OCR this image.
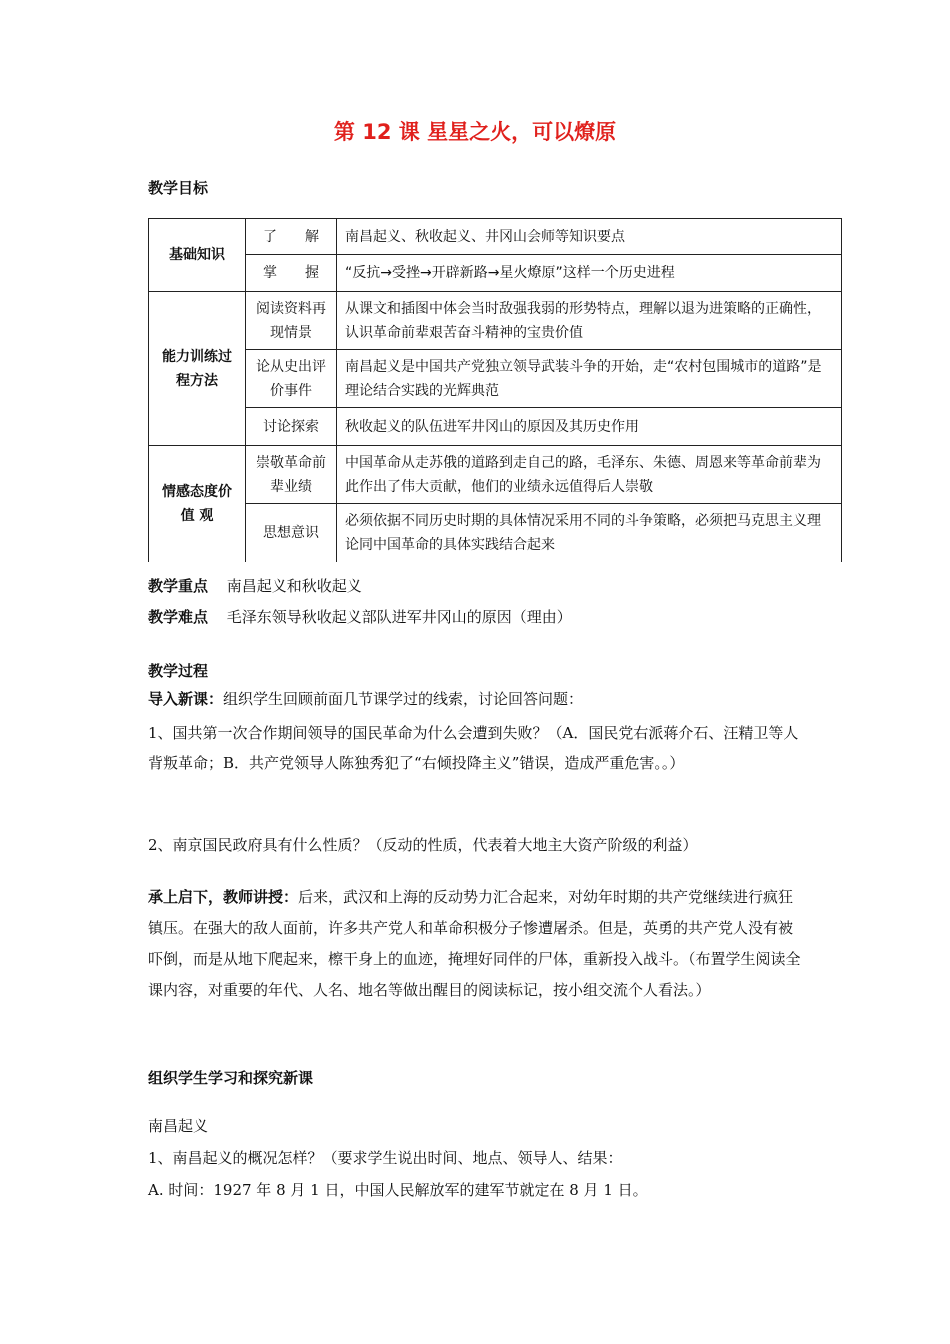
第 12 课 星星之火，可以燎原
教学目标
基础知识	了　　解	南昌起义、秋收起义、井冈山会师等知识要点
	掌　　握	“反抗→受挫→开辟新路→星火燎原”这样一个历史进程
能力训练过程方法	阅读资料再现情景	从课文和插图中体会当时敌强我弱的形势特点，理解以退为进策略的正确性，认识革命前辈艰苦奋斗精神的宝贵价值
	论从史出评价事件	南昌起义是中国共产党独立领导武装斗争的开始，走“农村包围城市的道路”是理论结合实践的光辉典范
	讨论探索	秋收起义的队伍进军井冈山的原因及其历史作用
情感态度价 值 观	崇敬革命前辈业绩	中国革命从走苏俄的道路到走自己的路，毛泽东、朱德、周恩来等革命前辈为此作出了伟大贡献，他们的业绩永远值得后人崇敬
	思想意识	必须依据不同历史时期的具体情况采用不同的斗争策略，必须把马克思主义理论同中国革命的具体实践结合起来
教学重点 南昌起义和秋收起义
教学难点 毛泽东领导秋收起义部队进军井冈山的原因（理由）
教学过程
导入新课：组织学生回顾前面几节课学过的线索，讨论回答问题：
1、国共第一次合作期间领导的国民革命为什么会遭到失败？（A．国民党右派蒋介石、汪精卫等人背叛革命；B．共产党领导人陈独秀犯了“右倾投降主义”错误，造成严重危害。。）
2、南京国民政府具有什么性质？（反动的性质，代表着大地主大资产阶级的利益）
承上启下，教师讲授：后来，武汉和上海的反动势力汇合起来，对幼年时期的共产党继续进行疯狂镇压。在强大的敌人面前，许多共产党人和革命积极分子惨遭屠杀。但是，英勇的共产党人没有被吓倒，而是从地下爬起来，檫干身上的血迹，掩埋好同伴的尸体，重新投入战斗。（布置学生阅读全课内容，对重要的年代、人名、地名等做出醒目的阅读标记，按小组交流个人看法。）
组织学生学习和探究新课
南昌起义
1、南昌起义的概况怎样？（要求学生说出时间、地点、领导人、结果：
A. 时间：1927 年 8 月 1 日，中国人民解放军的建军节就定在 8 月 1 日。
